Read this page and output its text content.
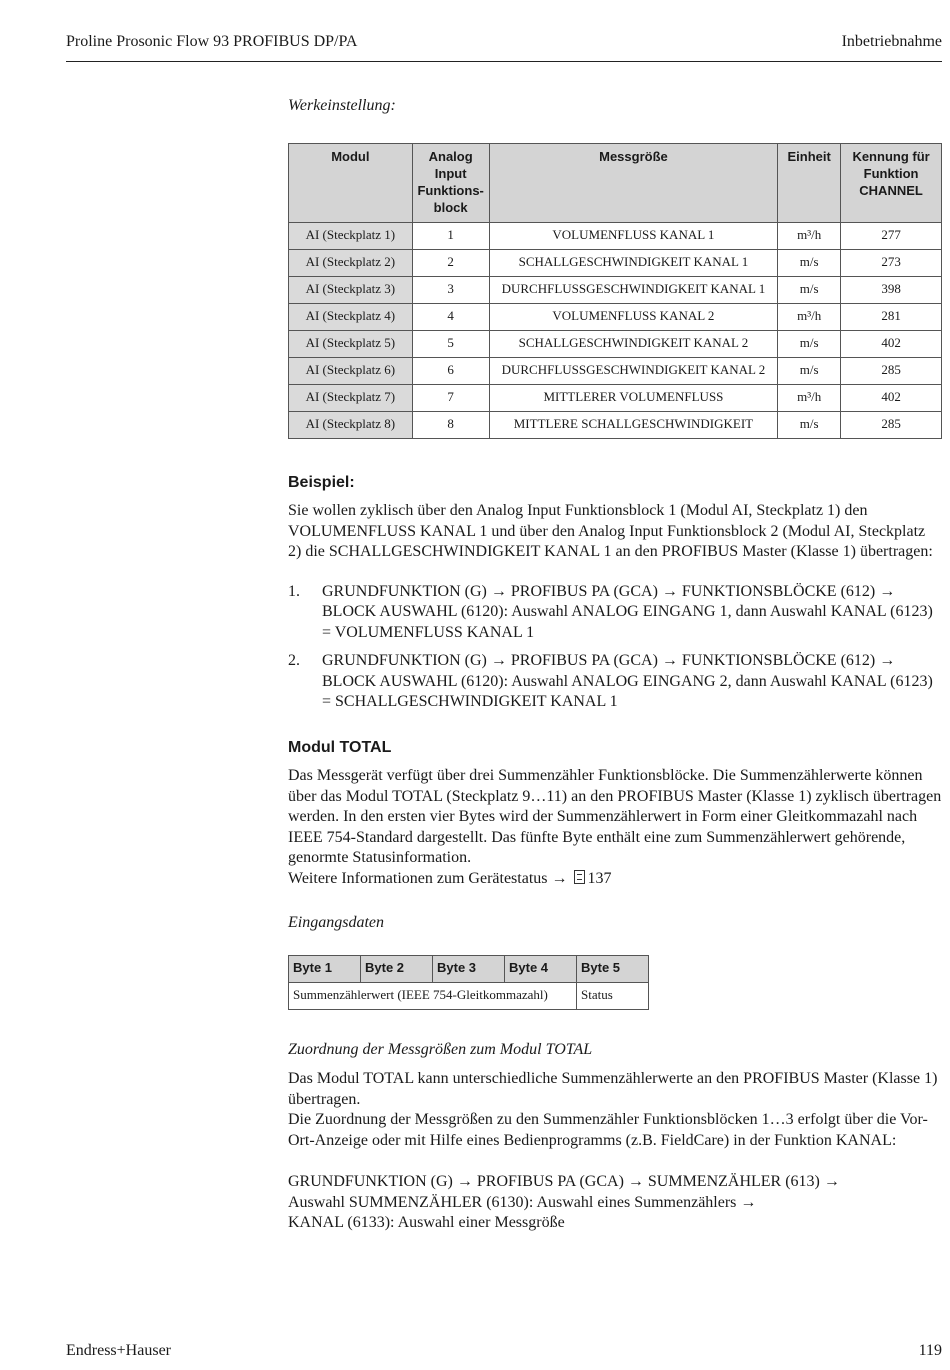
Proline Prosonic Flow 93 PROFIBUS DP/PA	Inbetriebnahme

Werkeinstellung:

Modul	Analog Input Funktions-block	Messgröße	Einheit	Kennung für Funktion CHANNEL
AI (Steckplatz 1)	1	VOLUMENFLUSS KANAL 1	m³/h	277
AI (Steckplatz 2)	2	SCHALLGESCHWINDIGKEIT KANAL 1	m/s	273
AI (Steckplatz 3)	3	DURCHFLUSSGESCHWINDIGKEIT KANAL 1	m/s	398
AI (Steckplatz 4)	4	VOLUMENFLUSS KANAL 2	m³/h	281
AI (Steckplatz 5)	5	SCHALLGESCHWINDIGKEIT KANAL 2	m/s	402
AI (Steckplatz 6)	6	DURCHFLUSSGESCHWINDIGKEIT KANAL 2	m/s	285
AI (Steckplatz 7)	7	MITTLERER VOLUMENFLUSS	m³/h	402
AI (Steckplatz 8)	8	MITTLERE SCHALLGESCHWINDIGKEIT	m/s	285
Beispiel:

Sie wollen zyklisch über den Analog Input Funktionsblock 1 (Modul AI, Steckplatz 1) den VOLUMENFLUSS KANAL 1 und über den Analog Input Funktionsblock 2 (Modul AI, Steckplatz 2) die SCHALLGESCHWINDIGKEIT KANAL 1 an den PROFIBUS Master (Klasse 1) übertragen:

1. GRUNDFUNKTION (G) → PROFIBUS PA (GCA) → FUNKTIONSBLÖCKE (612) → BLOCK AUSWAHL (6120): Auswahl ANALOG EINGANG 1, dann Auswahl KANAL (6123) = VOLUMENFLUSS KANAL 1
2. GRUNDFUNKTION (G) → PROFIBUS PA (GCA) → FUNKTIONSBLÖCKE (612) → BLOCK AUSWAHL (6120): Auswahl ANALOG EINGANG 2, dann Auswahl KANAL (6123) = SCHALLGESCHWINDIGKEIT KANAL 1
Modul TOTAL

Das Messgerät verfügt über drei Summenzähler Funktionsblöcke. Die Summenzählerwerte können über das Modul TOTAL (Steckplatz 9…11) an den PROFIBUS Master (Klasse 1) zyklisch übertragen werden. In den ersten vier Bytes wird der Summenzählerwert in Form einer Gleitkommazahl nach IEEE 754-Standard dargestellt. Das fünfte Byte enthält eine zum Summenzählerwert gehörende, genormte Statusinformation.

Weitere Informationen zum Gerätestatus → 137

Eingangsdaten

Byte 1	Byte 2	Byte 3	Byte 4	Byte 5
Summenzählerwert (IEEE 754-Gleitkommazahl)				Status

Zuordnung der Messgrößen zum Modul TOTAL

Das Modul TOTAL kann unterschiedliche Summenzählerwerte an den PROFIBUS Master (Klasse 1) übertragen.

Die Zuordnung der Messgrößen zu den Summenzähler Funktionsblöcken 1…3 erfolgt über die Vor-Ort-Anzeige oder mit Hilfe eines Bedienprogramms (z.B. FieldCare) in der Funktion KANAL:

GRUNDFUNKTION (G) → PROFIBUS PA (GCA) → SUMMENZÄHLER (613) →

Auswahl SUMMENZÄHLER (6130): Auswahl eines Summenzählers →

KANAL (6133): Auswahl einer Messgröße

Endress+Hauser	119
